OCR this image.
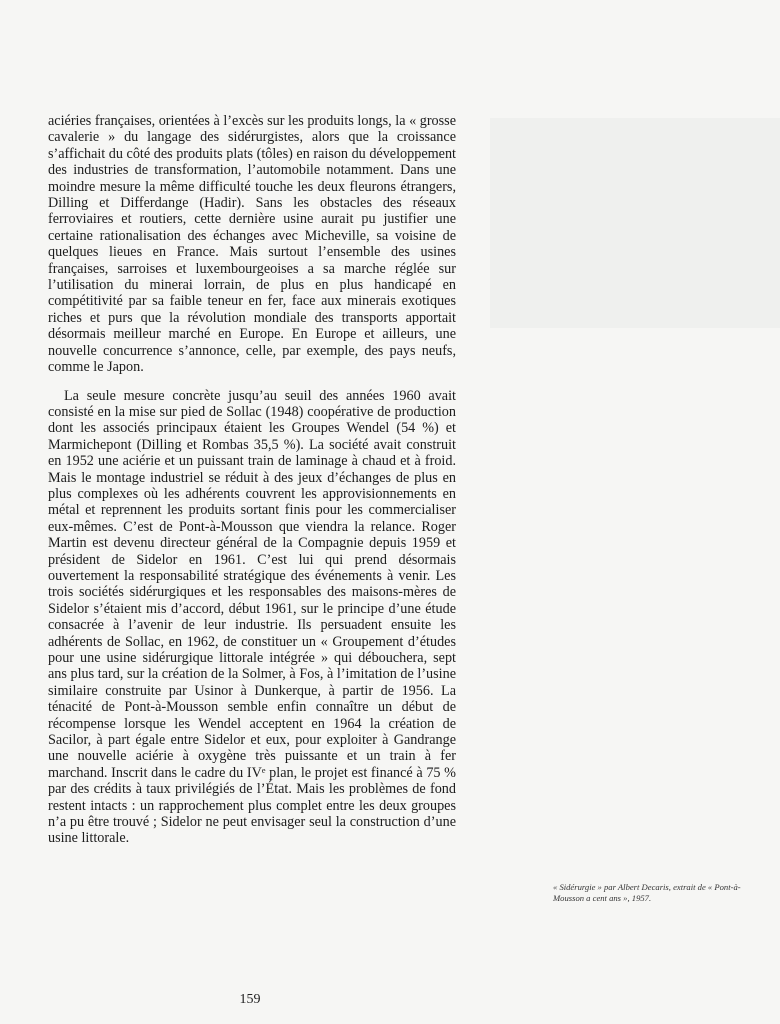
aciéries françaises, orientées à l’excès sur les produits longs, la « grosse cavalerie » du langage des sidérurgistes, alors que la croissance s’affichait du côté des produits plats (tôles) en raison du développement des industries de transformation, l’automobile notamment. Dans une moindre mesure la même difficulté touche les deux fleurons étrangers, Dilling et Differdange (Hadir). Sans les obstacles des réseaux ferroviaires et routiers, cette dernière usine aurait pu justifier une certaine rationalisation des échanges avec Micheville, sa voisine de quelques lieues en France. Mais surtout l’ensemble des usines françaises, sarroises et luxembourgeoises a sa marche réglée sur l’utilisation du minerai lorrain, de plus en plus handicapé en compétitivité par sa faible teneur en fer, face aux minerais exotiques riches et purs que la révolution mondiale des transports apportait désormais meilleur marché en Europe. En Europe et ailleurs, une nouvelle concurrence s’annonce, celle, par exemple, des pays neufs, comme le Japon.

La seule mesure concrète jusqu’au seuil des années 1960 avait consisté en la mise sur pied de Sollac (1948) coopérative de production dont les associés principaux étaient les Groupes Wendel (54 %) et Marmichepont (Dilling et Rombas 35,5 %). La société avait construit en 1952 une aciérie et un puissant train de laminage à chaud et à froid. Mais le montage industriel se réduit à des jeux d’échanges de plus en plus complexes où les adhérents couvrent les approvisionnements en métal et reprennent les produits sortant finis pour les commercialiser eux-mêmes. C’est de Pont-à-Mousson que viendra la relance. Roger Martin est devenu directeur général de la Compagnie depuis 1959 et président de Sidelor en 1961. C’est lui qui prend désormais ouvertement la responsabilité stratégique des événements à venir. Les trois sociétés sidérurgiques et les responsables des maisons-mères de Sidelor s’étaient mis d’accord, début 1961, sur le principe d’une étude consacrée à l’avenir de leur industrie. Ils persuadent ensuite les adhérents de Sollac, en 1962, de constituer un « Groupement d’études pour une usine sidérurgique littorale intégrée » qui débouchera, sept ans plus tard, sur la création de la Solmer, à Fos, à l’imitation de l’usine similaire construite par Usinor à Dunkerque, à partir de 1956. La ténacité de Pont-à-Mousson semble enfin connaître un début de récompense lorsque les Wendel acceptent en 1964 la création de Sacilor, à part égale entre Sidelor et eux, pour exploiter à Gandrange une nouvelle aciérie à oxygène très puissante et un train à fer marchand. Inscrit dans le cadre du IVᵉ plan, le projet est financé à 75 % par des crédits à taux privilégiés de l’État. Mais les problèmes de fond restent intacts : un rapprochement plus complet entre les deux groupes n’a pu être trouvé ; Sidelor ne peut envisager seul la construction d’une usine littorale.

« Sidérurgie » par Albert Decaris, extrait de « Pont-à-Mousson a cent ans », 1957.
159
